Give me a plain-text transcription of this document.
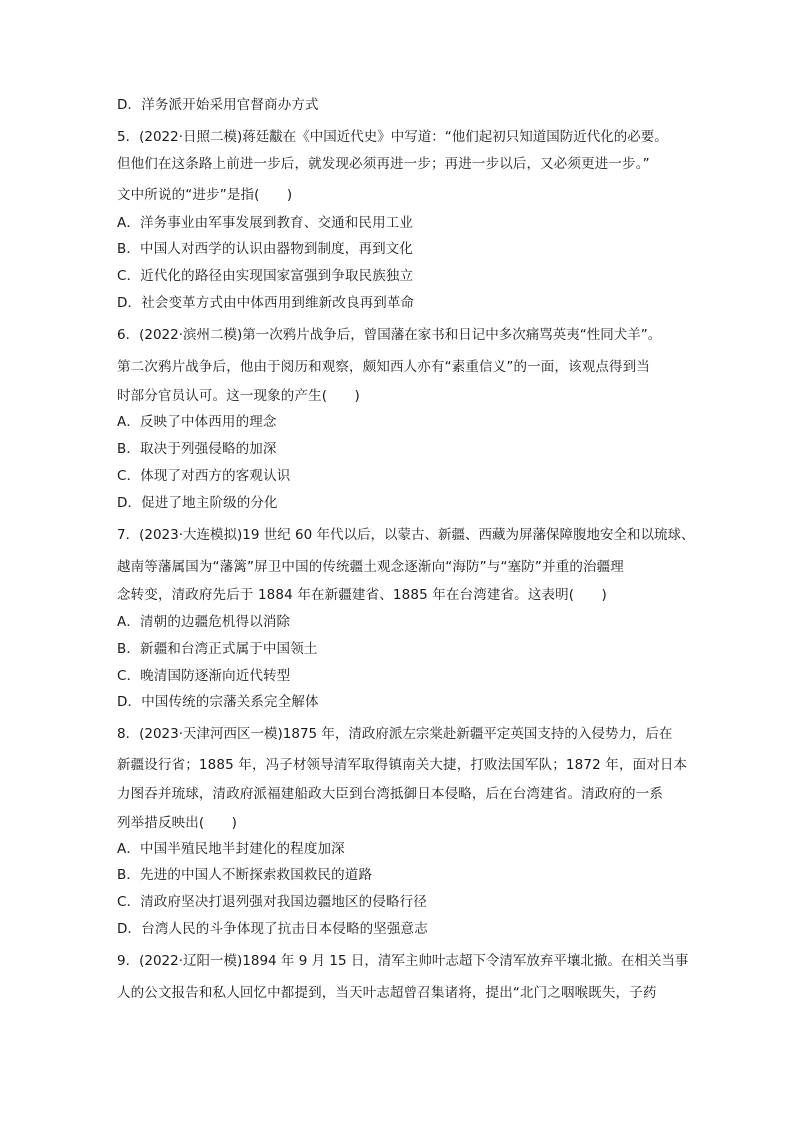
D．洋务派开始采用官督商办方式
5．(2022·日照二模)蒋廷黻在《中国近代史》中写道：“他们起初只知道国防近代化的必要。
但他们在这条路上前进一步后，就发现必须再进一步；再进一步以后，又必须更进一步。”
文中所说的“进步”是指(　　)
A．洋务事业由军事发展到教育、交通和民用工业
B．中国人对西学的认识由器物到制度，再到文化
C．近代化的路径由实现国家富强到争取民族独立
D．社会变革方式由中体西用到维新改良再到革命
6．(2022·滨州二模)第一次鸦片战争后，曾国藩在家书和日记中多次痛骂英夷“性同犬羊”。
第二次鸦片战争后，他由于阅历和观察，颇知西人亦有“素重信义”的一面，该观点得到当
时部分官员认可。这一现象的产生(　　)
A．反映了中体西用的理念
B．取决于列强侵略的加深
C．体现了对西方的客观认识
D．促进了地主阶级的分化
7．(2023·大连模拟)19 世纪 60 年代以后，以蒙古、新疆、西藏为屏藩保障腹地安全和以琉球、
越南等藩属国为“藩篱”屏卫中国的传统疆土观念逐渐向“海防”与“塞防”并重的治疆理
念转变，清政府先后于 1884 年在新疆建省、1885 年在台湾建省。这表明(　　)
A．清朝的边疆危机得以消除
B．新疆和台湾正式属于中国领土
C．晚清国防逐渐向近代转型
D．中国传统的宗藩关系完全解体
8．(2023·天津河西区一模)1875 年，清政府派左宗棠赴新疆平定英国支持的入侵势力，后在
新疆设行省；1885 年，冯子材领导清军取得镇南关大捷，打败法国军队；1872 年，面对日本
力图吞并琉球，清政府派福建船政大臣到台湾抵御日本侵略，后在台湾建省。清政府的一系
列举措反映出(　　)
A．中国半殖民地半封建化的程度加深
B．先进的中国人不断探索救国救民的道路
C．清政府坚决打退列强对我国边疆地区的侵略行径
D．台湾人民的斗争体现了抗击日本侵略的坚强意志
9．(2022·辽阳一模)1894 年 9 月 15 日，清军主帅叶志超下令清军放弃平壤北撤。在相关当事
人的公文报告和私人回忆中都提到，当天叶志超曾召集诸将，提出“北门之咽喉既失，子药
